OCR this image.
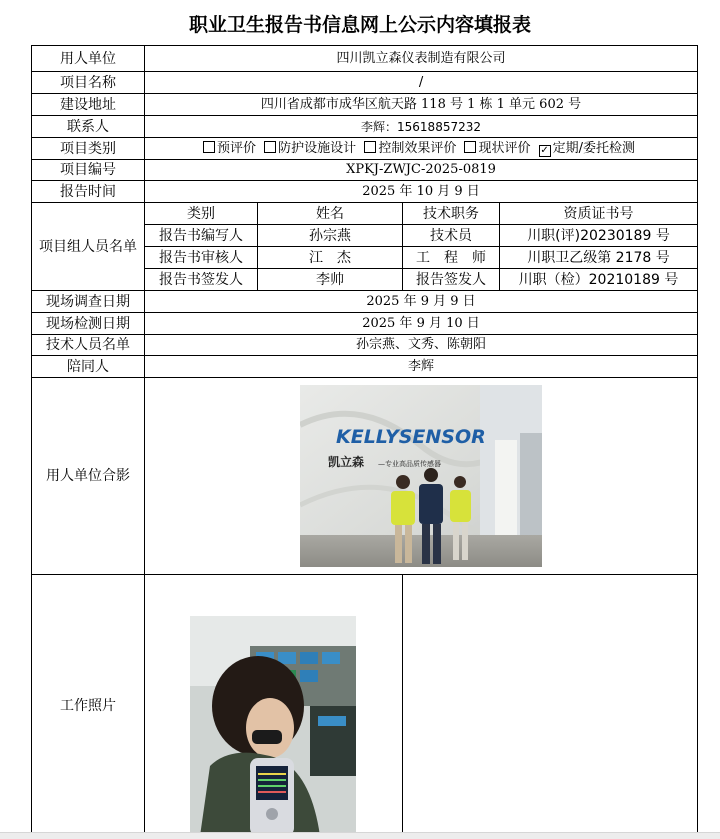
职业卫生报告书信息网上公示内容填报表
用人单位	四川凯立森仪表制造有限公司			
项目名称	/			
建设地址	四川省成都市成华区航天路 118 号 1 栋 1 单元 602 号			
联系人	李辉：15618857232			
项目类别	预评价 防护设施设计 控制效果评价 现状评价 ✓ 定期/委托检测			
项目编号	XPKJ-ZWJC-2025-0819			
报告时间	2025 年 10 月 9 日			
项目组人员名单	类别	姓名	技术职务	资质证书号
	报告书编写人	孙宗燕	技术员	川职(评)20230189 号
	报告书审核人	江　杰	工　程　师	川职卫乙级第 2178 号
	报告书签发人	李帅	报告签发人	川职（检）20210189 号
现场调查日期	2025 年 9 月 9 日			
现场检测日期	2025 年 9 月 10 日			
技术人员名单	孙宗燕、文秀、陈朝阳			
陪同人	李辉			
用人单位合影	KELLYSENSOR
凯立森 —专业高品质传感器			

工作照片	
